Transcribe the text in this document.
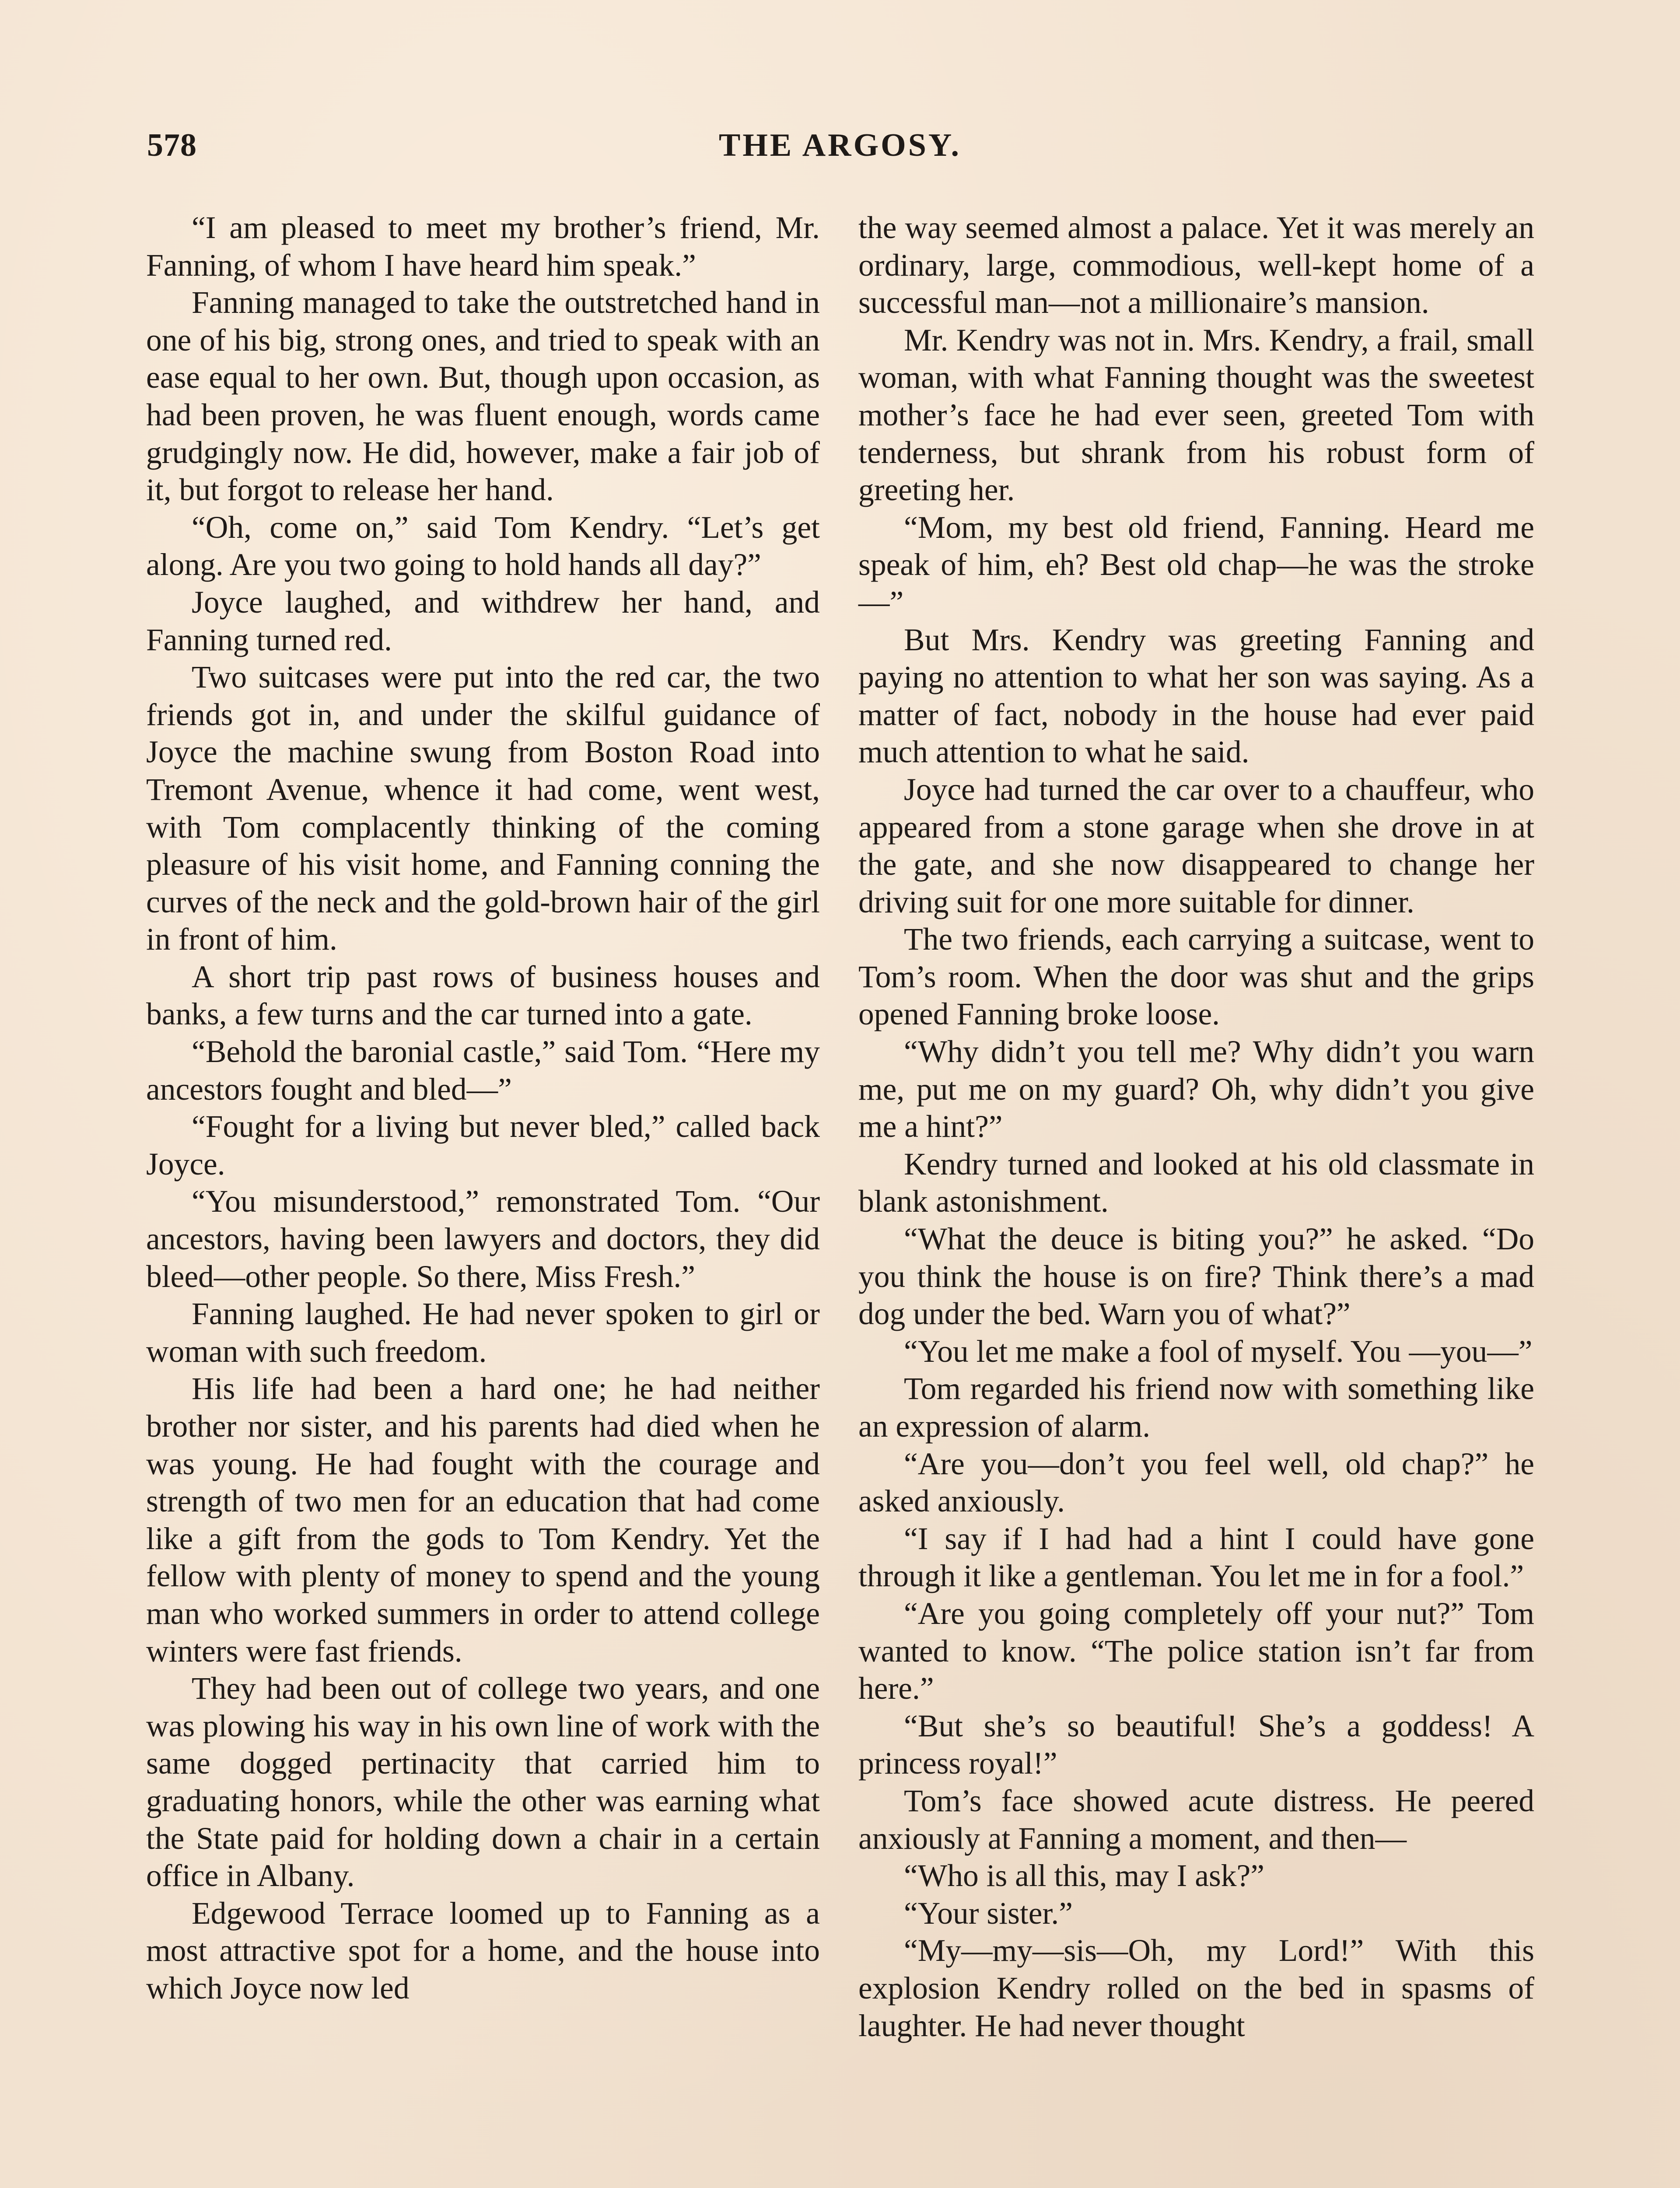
578	THE ARGOSY.

“I am pleased to meet my brother’s friend, Mr. Fanning, of whom I have heard him speak.”

Fanning managed to take the outstretched hand in one of his big, strong ones, and tried to speak with an ease equal to her own. But, though upon occasion, as had been proven, he was fluent enough, words came grudgingly now. He did, however, make a fair job of it, but forgot to release her hand.

“Oh, come on,” said Tom Kendry. “Let’s get along. Are you two going to hold hands all day?”

Joyce laughed, and withdrew her hand, and Fanning turned red.

Two suitcases were put into the red car, the two friends got in, and under the skilful guidance of Joyce the machine swung from Boston Road into Tremont Avenue, whence it had come, went west, with Tom complacently thinking of the coming pleasure of his visit home, and Fanning conning the curves of the neck and the gold-brown hair of the girl in front of him.

A short trip past rows of business houses and banks, a few turns and the car turned into a gate.

“Behold the baronial castle,” said Tom. “Here my ancestors fought and bled—”

“Fought for a living but never bled,” called back Joyce.

“You misunderstood,” remonstrated Tom. “Our ancestors, having been lawyers and doctors, they did bleed—other people. So there, Miss Fresh.”

Fanning laughed. He had never spoken to girl or woman with such freedom.

His life had been a hard one; he had neither brother nor sister, and his parents had died when he was young. He had fought with the courage and strength of two men for an education that had come like a gift from the gods to Tom Kendry. Yet the fellow with plenty of money to spend and the young man who worked summers in order to attend college winters were fast friends.

They had been out of college two years, and one was plowing his way in his own line of work with the same dogged pertinacity that carried him to graduating honors, while the other was earning what the State paid for holding down a chair in a certain office in Albany.

Edgewood Terrace loomed up to Fanning as a most attractive spot for a home, and the house into which Joyce now led

the way seemed almost a palace. Yet it was merely an ordinary, large, commodious, well-kept home of a successful man—not a millionaire’s mansion.

Mr. Kendry was not in. Mrs. Kendry, a frail, small woman, with what Fanning thought was the sweetest mother’s face he had ever seen, greeted Tom with tenderness, but shrank from his robust form of greeting her.

“Mom, my best old friend, Fanning. Heard me speak of him, eh? Best old chap—he was the stroke—”

But Mrs. Kendry was greeting Fanning and paying no attention to what her son was saying. As a matter of fact, nobody in the house had ever paid much attention to what he said.

Joyce had turned the car over to a chauffeur, who appeared from a stone garage when she drove in at the gate, and she now disappeared to change her driving suit for one more suitable for dinner.

The two friends, each carrying a suitcase, went to Tom’s room. When the door was shut and the grips opened Fanning broke loose.

“Why didn’t you tell me? Why didn’t you warn me, put me on my guard? Oh, why didn’t you give me a hint?”

Kendry turned and looked at his old classmate in blank astonishment.

“What the deuce is biting you?” he asked. “Do you think the house is on fire? Think there’s a mad dog under the bed. Warn you of what?”

“You let me make a fool of myself. You —you—”

Tom regarded his friend now with something like an expression of alarm.

“Are you—don’t you feel well, old chap?” he asked anxiously.

“I say if I had had a hint I could have gone through it like a gentleman. You let me in for a fool.”

“Are you going completely off your nut?” Tom wanted to know. “The police station isn’t far from here.”

“But she’s so beautiful! She’s a goddess! A princess royal!”

Tom’s face showed acute distress. He peered anxiously at Fanning a moment, and then—

“Who is all this, may I ask?”

“Your sister.”

“My—my—sis—Oh, my Lord!” With this explosion Kendry rolled on the bed in spasms of laughter. He had never thought
